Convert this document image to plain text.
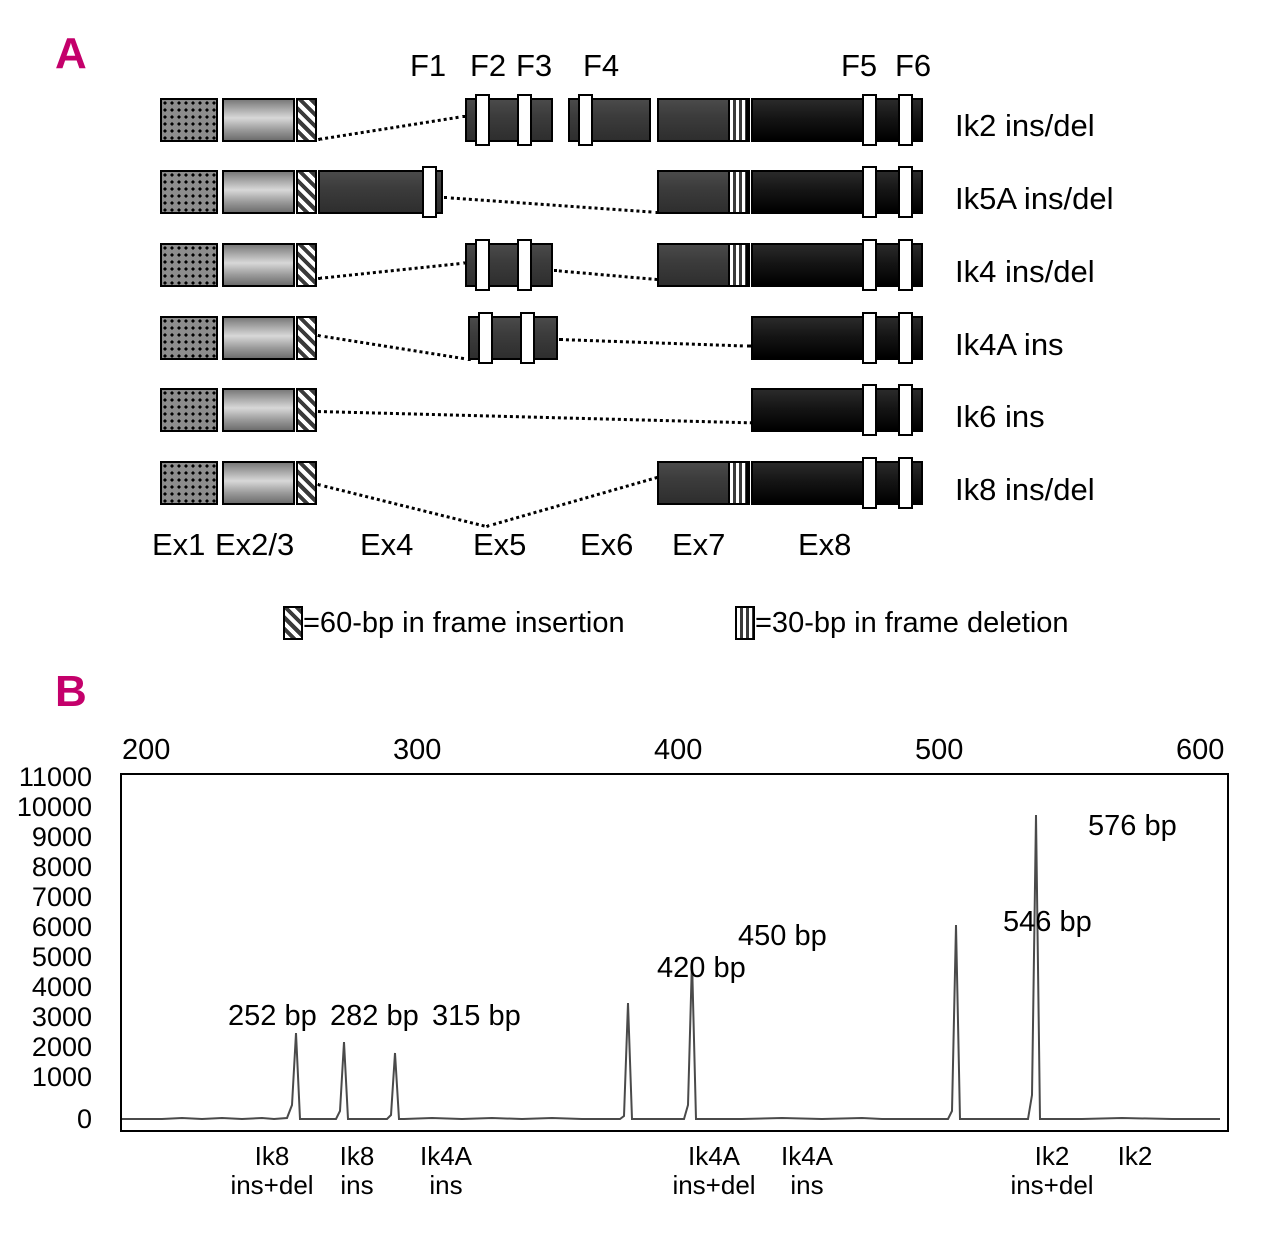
A	F1 F2 F3 F4	F5 F6
Ik2 ins/del
Ik5A ins/del
Ik4 ins/del
Ik4A ins
Ik6 ins
Ik8 ins/del
Ex1 Ex2/3 Ex4 Ex5 Ex6 Ex7 Ex8
=60-bp in frame insertion	=30-bp in frame deletion
B
200	300	400	500	600
11000
10000
9000
8000
7000
6000
5000
4000
3000
2000
1000
0
252 bp 282 bp 315 bp
420 bp
450 bp	546 bp
576 bp
Ik8
ins+del
Ik8
ins
Ik4A
ins
Ik4A
ins+del
Ik4A
ins
Ik2
ins+del
Ik2
